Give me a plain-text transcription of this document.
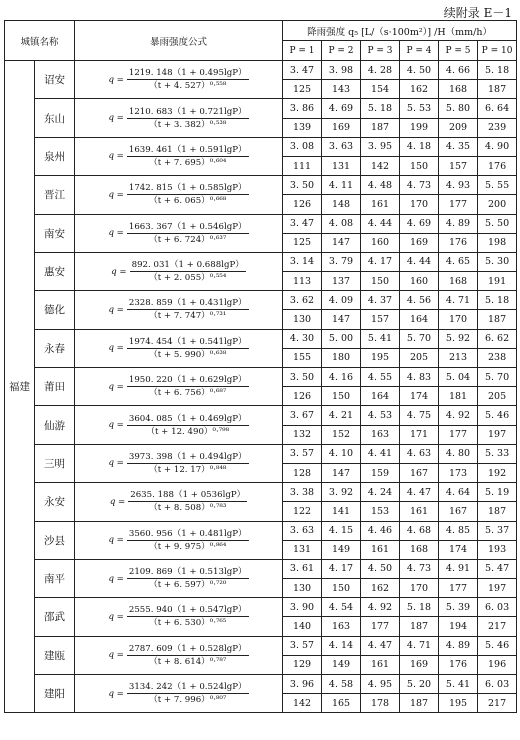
续附录 E－1
城镇名称		暴雨强度公式	降雨强度 q₅ [L/（s·100m²）] /H（mm/h）					
			P = 1	P = 2	P = 3	P = 4	P = 5	P = 10
福建	诏安	$q = \frac{1219. 148(1 + 0.495\lg P)}{\text{（t + 4. 527）⁰·⁵⁵⁸}}$	3. 47	3. 98	4. 28	4. 50	4. 66	5. 18
			125	143	154	162	168	187
	东山	$q = \frac{1210. 683(1 + 0.721\lg P)}{\text{（t + 3. 382）⁰·⁵³⁸}}$	3. 86	4. 69	5. 18	5. 53	5. 80	6. 64
			139	169	187	199	209	239
	泉州	$q = \frac{1639. 461(1 + 0.591\lg P)}{\text{（t + 7. 695）⁰·⁶⁰⁴}}$	3. 08	3. 63	3. 95	4. 18	4. 35	4. 90
			111	131	142	150	157	176
	晋江	$q = \frac{1742. 815(1 + 0.585\lg P)}{\text{（t + 6. 065）⁰·⁶⁶⁸}}$	3. 50	4. 11	4. 48	4. 73	4. 93	5. 55
			126	148	161	170	177	200
	南安	$q = \frac{1663. 367(1 + 0.546\lg P)}{\text{（t + 6. 724）⁰·⁶³⁷}}$	3. 47	4. 08	4. 44	4. 69	4. 89	5. 50
			125	147	160	169	176	198
	惠安	$q = \frac{892. 031(1 + 0.688\lg P)}{\text{（t + 2. 055）⁰·⁵⁵⁴}}$	3. 14	3. 79	4. 17	4. 44	4. 65	5. 30
			113	137	150	160	168	191
	德化	$q = \frac{2328. 859(1 + 0.431\lg P)}{\text{（t + 7. 747）⁰·⁷³¹}}$	3. 62	4. 09	4. 37	4. 56	4. 71	5. 18
			130	147	157	164	170	187
	永春	$q = \frac{1974. 454(1 + 0.541\lg P)}{\text{（t + 5. 990）⁰·⁶³⁸}}$	4. 30	5. 00	5. 41	5. 70	5. 92	6. 62
			155	180	195	205	213	238
	莆田	$q = \frac{1950. 220(1 + 0.629\lg P)}{\text{（t + 6. 756）⁰·⁶⁸⁷}}$	3. 50	4. 16	4. 55	4. 83	5. 04	5. 70
			126	150	164	174	181	205
	仙游	$q = \frac{3604. 085(1 + 0.469\lg P)}{\text{（t + 12. 490）⁰·⁷⁹⁸}}$	3. 67	4. 21	4. 53	4. 75	4. 92	5. 46
			132	152	163	171	177	197
	三明	$q = \frac{3973. 398(1 + 0.494\lg P)}{\text{（t + 12. 17）⁰·⁸⁴⁸}}$	3. 57	4. 10	4. 41	4. 63	4. 80	5. 33
			128	147	159	167	173	192
	永安	$q = \frac{2635. 188(1 + 0536\lg P)}{\text{（t + 8. 508）⁰·⁷⁸³}}$	3. 38	3. 92	4. 24	4. 47	4. 64	5. 19
			122	141	153	161	167	187
	沙县	$q = \frac{3560. 956(1 + 0.481\lg P)}{\text{（t + 9. 975）⁰·⁸⁶⁴}}$	3. 63	4. 15	4. 46	4. 68	4. 85	5. 37
			131	149	161	168	174	193
	南平	$q = \frac{2109. 869(1 + 0.513\lg P)}{\text{（t + 6. 597）⁰·⁷²⁰}}$	3. 61	4. 17	4. 50	4. 73	4. 91	5. 47
			130	150	162	170	177	197
	邵武	$q = \frac{2555. 940(1 + 0.547\lg P)}{\text{（t + 6. 530）⁰·⁷⁶⁵}}$	3. 90	4. 54	4. 92	5. 18	5. 39	6. 03
			140	163	177	187	194	217
	建瓯	$q = \frac{2787. 609(1 + 0.528\lg P)}{\text{（t + 8. 614）⁰·⁷⁸⁷}}$	3. 57	4. 14	4. 47	4. 71	4. 89	5. 46
			129	149	161	169	176	196
	建阳	$q = \frac{3134. 242(1 + 0.524\lg P)}{\text{（t + 7. 996）⁰·⁸⁰⁷}}$	3. 96	4. 58	4. 95	5. 20	5. 41	6. 03
			142	165	178	187	195	217
